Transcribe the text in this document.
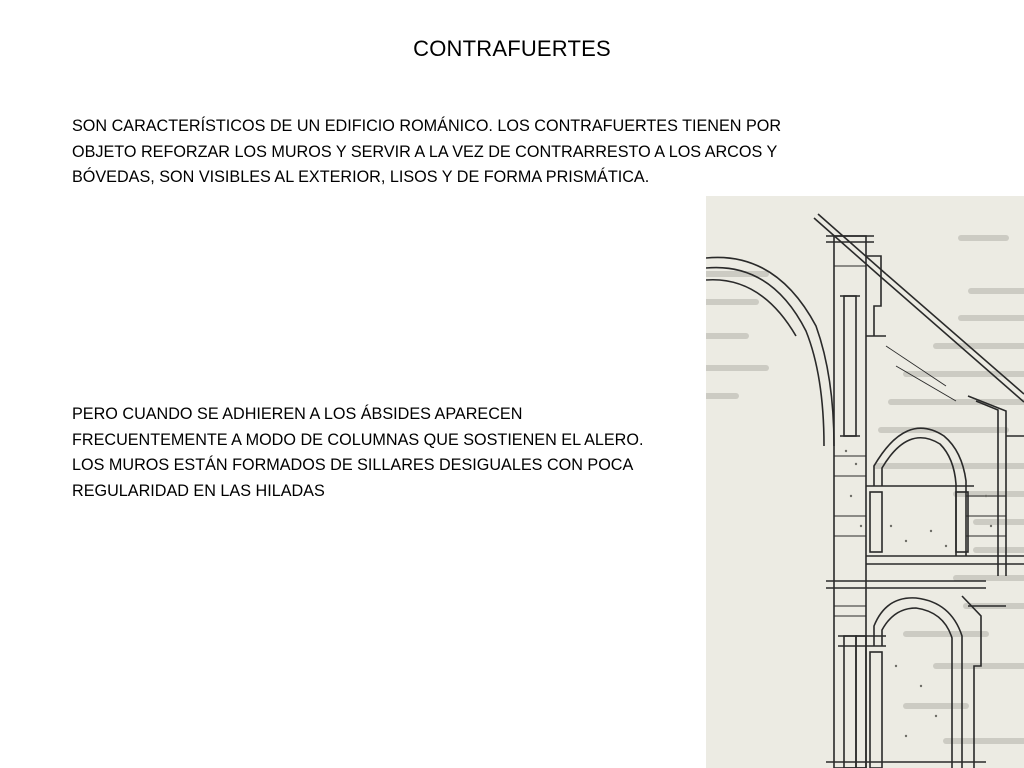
CONTRAFUERTES
SON CARACTERÍSTICOS DE UN EDIFICIO ROMÁNICO. LOS CONTRAFUERTES TIENEN POR
OBJETO REFORZAR LOS MUROS Y SERVIR A LA VEZ DE CONTRARRESTO A LOS ARCOS Y
BÓVEDAS, SON VISIBLES AL EXTERIOR, LISOS Y DE FORMA PRISMÁTICA.
PERO CUANDO SE ADHIEREN A LOS ÁBSIDES APARECEN
FRECUENTEMENTE A MODO DE COLUMNAS QUE SOSTIENEN EL ALERO.
LOS MUROS ESTÁN FORMADOS DE SILLARES DESIGUALES CON POCA
REGULARIDAD EN LAS HILADAS
